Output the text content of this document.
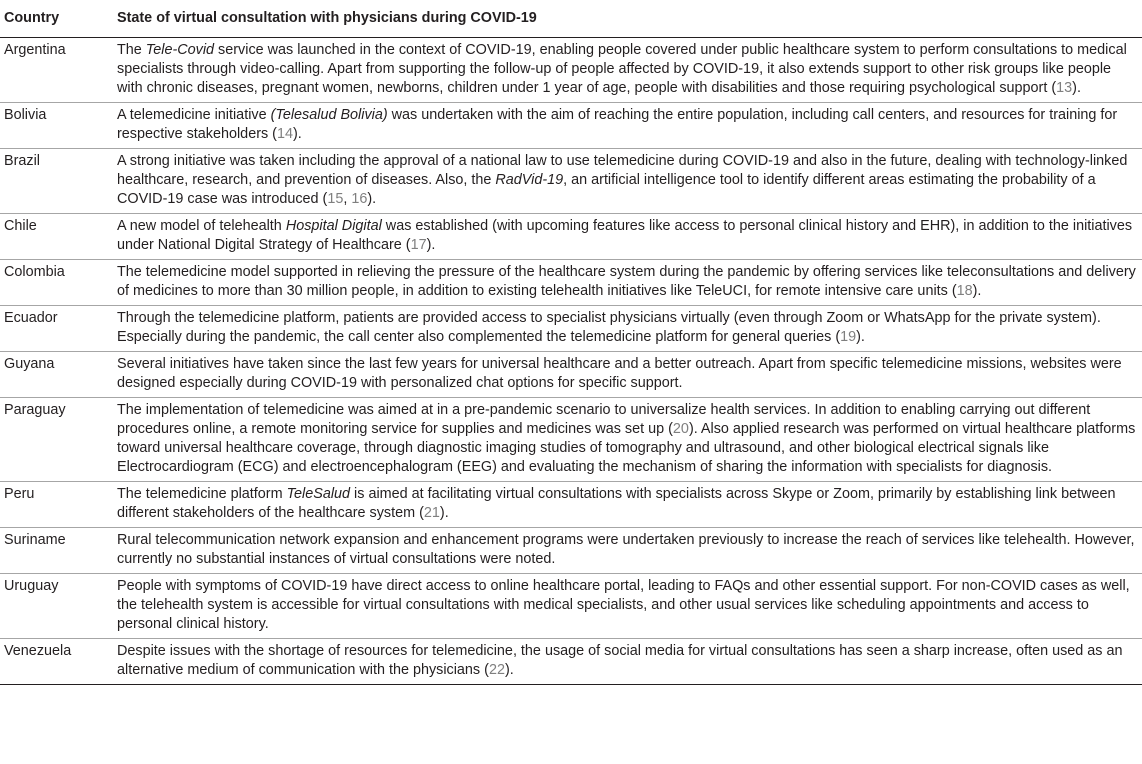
Country	State of virtual consultation with physicians during COVID-19
Argentina	The Tele-Covid service was launched in the context of COVID-19, enabling people covered under public healthcare system to perform consultations to medical specialists through video-calling. Apart from supporting the follow-up of people affected by COVID-19, it also extends support to other risk groups like people with chronic diseases, pregnant women, newborns, children under 1 year of age, people with disabilities and those requiring psychological support (13).
Bolivia	A telemedicine initiative (Telesalud Bolivia) was undertaken with the aim of reaching the entire population, including call centers, and resources for training for respective stakeholders (14).
Brazil	A strong initiative was taken including the approval of a national law to use telemedicine during COVID-19 and also in the future, dealing with technology-linked healthcare, research, and prevention of diseases. Also, the RadVid-19, an artificial intelligence tool to identify different areas estimating the probability of a COVID-19 case was introduced (15, 16).
Chile	A new model of telehealth Hospital Digital was established (with upcoming features like access to personal clinical history and EHR), in addition to the initiatives under National Digital Strategy of Healthcare (17).
Colombia	The telemedicine model supported in relieving the pressure of the healthcare system during the pandemic by offering services like teleconsultations and delivery of medicines to more than 30 million people, in addition to existing telehealth initiatives like TeleUCI, for remote intensive care units (18).
Ecuador	Through the telemedicine platform, patients are provided access to specialist physicians virtually (even through Zoom or WhatsApp for the private system). Especially during the pandemic, the call center also complemented the telemedicine platform for general queries (19).
Guyana	Several initiatives have taken since the last few years for universal healthcare and a better outreach. Apart from specific telemedicine missions, websites were designed especially during COVID-19 with personalized chat options for specific support.
Paraguay	The implementation of telemedicine was aimed at in a pre-pandemic scenario to universalize health services. In addition to enabling carrying out different procedures online, a remote monitoring service for supplies and medicines was set up (20). Also applied research was performed on virtual healthcare platforms toward universal healthcare coverage, through diagnostic imaging studies of tomography and ultrasound, and other biological electrical signals like Electrocardiogram (ECG) and electroencephalogram (EEG) and evaluating the mechanism of sharing the information with specialists for diagnosis.
Peru	The telemedicine platform TeleSalud is aimed at facilitating virtual consultations with specialists across Skype or Zoom, primarily by establishing link between different stakeholders of the healthcare system (21).
Suriname	Rural telecommunication network expansion and enhancement programs were undertaken previously to increase the reach of services like telehealth. However, currently no substantial instances of virtual consultations were noted.
Uruguay	People with symptoms of COVID-19 have direct access to online healthcare portal, leading to FAQs and other essential support. For non-COVID cases as well, the telehealth system is accessible for virtual consultations with medical specialists, and other usual services like scheduling appointments and access to personal clinical history.
Venezuela	Despite issues with the shortage of resources for telemedicine, the usage of social media for virtual consultations has seen a sharp increase, often used as an alternative medium of communication with the physicians (22).
